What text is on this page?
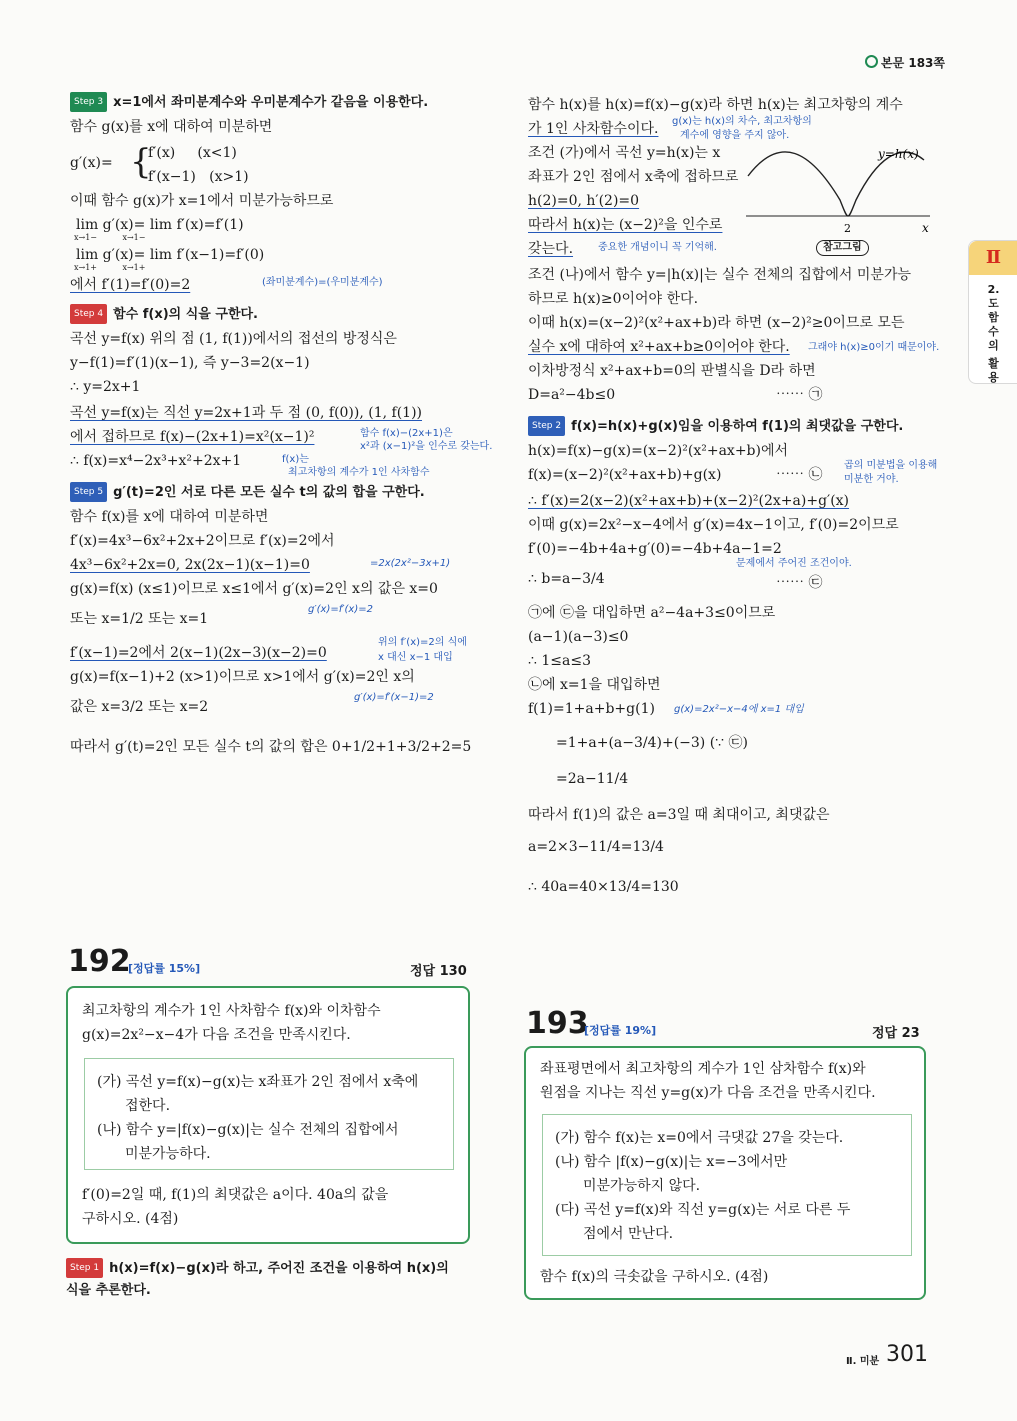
본문 183쪽
Ⅱ
2.
도
함
수
의
활
용
Step 3 x=1에서 좌미분계수와 우미분계수가 같음을 이용한다.
함수 g(x)를 x에 대하여 미분하면
g′(x)= {
f′(x)     (x<1)
f′(x−1)   (x>1)
이때 함수 g(x)가 x=1에서 미분가능하므로
lim g′(x)= lim f′(x)=f′(1)
x→1−          x→1−
lim g′(x)= lim f′(x−1)=f′(0)
x→1+          x→1+
에서 f′(1)=f′(0)=2	(좌미분계수)=(우미분계수)
Step 4 함수 f(x)의 식을 구한다.
곡선 y=f(x) 위의 점 (1, f(1))에서의 접선의 방정식은
y−f(1)=f′(1)(x−1), 즉 y−3=2(x−1)
∴ y=2x+1
곡선 y=f(x)는 직선 y=2x+1과 두 점 (0, f(0)), (1, f(1))
에서 접하므로 f(x)−(2x+1)=x²(x−1)²	함수 f(x)−(2x+1)은
x²과 (x−1)²을 인수로 갖는다.
∴ f(x)=x⁴−2x³+x²+2x+1	f(x)는
최고차항의 계수가 1인 사차함수
Step 5 g′(t)=2인 서로 다른 모든 실수 t의 값의 합을 구한다.
함수 f(x)를 x에 대하여 미분하면
f′(x)=4x³−6x²+2x+2이므로 f′(x)=2에서
4x³−6x²+2x=0, 2x(2x−1)(x−1)=0	=2x(2x²−3x+1)
g(x)=f(x) (x≤1)이므로 x≤1에서 g′(x)=2인 x의 값은 x=0
g′(x)=f′(x)=2
또는 x=1/2 또는 x=1
f′(x−1)=2에서 2(x−1)(2x−3)(x−2)=0
위의 f′(x)=2의 식에
x 대신 x−1 대입
g(x)=f(x−1)+2 (x>1)이므로 x>1에서 g′(x)=2인 x의
g′(x)=f′(x−1)=2
값은 x=3/2 또는 x=2
따라서 g′(t)=2인 모든 실수 t의 값의 합은 0+1/2+1+3/2+2=5
192
[정답률 15%]	정답 130
최고차항의 계수가 1인 사차함수 f(x)와 이차함수
g(x)=2x²−x−4가 다음 조건을 만족시킨다.
(가) 곡선 y=f(x)−g(x)는 x좌표가 2인 점에서 x축에
접한다.
(나) 함수 y=|f(x)−g(x)|는 실수 전체의 집합에서
미분가능하다.
f′(0)=2일 때, f(1)의 최댓값은 a이다. 40a의 값을
구하시오. (4점)
Step 1 h(x)=f(x)−g(x)라 하고, 주어진 조건을 이용하여 h(x)의
식을 추론한다.
함수 h(x)를 h(x)=f(x)−g(x)라 하면 h(x)는 최고차항의 계수
가 1인 사차함수이다. g(x)는 h(x)의 차수, 최고차항의
계수에 영향을 주지 않아.
조건 (가)에서 곡선 y=h(x)는 x
좌표가 2인 점에서 x축에 접하므로
h(2)=0, h′(2)=0
따라서 h(x)는 (x−2)²을 인수로
갖는다. 중요한 개념이니 꼭 기억해.
y=h(x)
2	x
참고그림
조건 (나)에서 함수 y=|h(x)|는 실수 전체의 집합에서 미분가능
하므로 h(x)≥0이어야 한다.
이때 h(x)=(x−2)²(x²+ax+b)라 하면 (x−2)²≥0이므로 모든
실수 x에 대하여 x²+ax+b≥0이어야 한다. 그래야 h(x)≥0이기 때문이야.
이차방정식 x²+ax+b=0의 판별식을 D라 하면
D=a²−4b≤0	⋯⋯ ㉠
Step 2 f(x)=h(x)+g(x)임을 이용하여 f(1)의 최댓값을 구한다.
h(x)=f(x)−g(x)=(x−2)²(x²+ax+b)에서
f(x)=(x−2)²(x²+ax+b)+g(x)	⋯⋯ ㉡
곱의 미분법을 이용해
미분한 거야.
∴ f′(x)=2(x−2)(x²+ax+b)+(x−2)²(2x+a)+g′(x)
이때 g(x)=2x²−x−4에서 g′(x)=4x−1이고, f′(0)=2이므로
f′(0)=−4b+4a+g′(0)=−4b+4a−1=2
문제에서 주어진 조건이야.
∴ b=a−3/4	⋯⋯ ㉢
㉠에 ㉢을 대입하면 a²−4a+3≤0이므로
(a−1)(a−3)≤0
∴ 1≤a≤3
㉡에 x=1을 대입하면
f(1)=1+a+b+g(1) g(x)=2x²−x−4에 x=1 대입
=1+a+(a−3/4)+(−3) (∵ ㉢)
=2a−11/4
따라서 f(1)의 값은 a=3일 때 최대이고, 최댓값은
a=2×3−11/4=13/4
∴ 40a=40×13/4=130
193
[정답률 19%]	정답 23
좌표평면에서 최고차항의 계수가 1인 삼차함수 f(x)와
원점을 지나는 직선 y=g(x)가 다음 조건을 만족시킨다.
(가) 함수 f(x)는 x=0에서 극댓값 27을 갖는다.
(나) 함수 |f(x)−g(x)|는 x=−3에서만
미분가능하지 않다.
(다) 곡선 y=f(x)와 직선 y=g(x)는 서로 다른 두
점에서 만난다.
함수 f(x)의 극솟값을 구하시오. (4점)
Ⅱ. 미분 301
